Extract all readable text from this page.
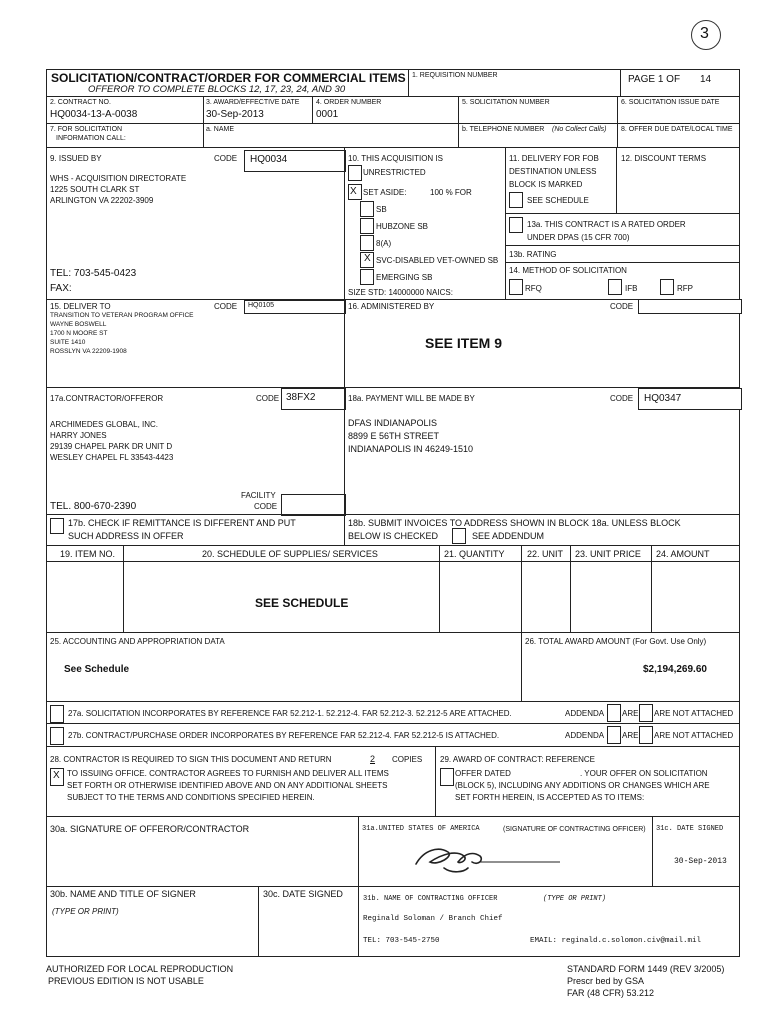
3
SOLICITATION/CONTRACT/ORDER FOR COMMERCIAL ITEMS
OFFEROR TO COMPLETE BLOCKS 12, 17, 23, 24, AND 30
1. REQUISITION NUMBER	PAGE 1 OF 14
2. CONTRACT NO.
HQ0034-13-A-0038
3. AWARD/EFFECTIVE DATE
30-Sep-2013
4. ORDER NUMBER
0001
5. SOLICITATION NUMBER	6. SOLICITATION ISSUE DATE
7. FOR SOLICITATION
INFORMATION CALL:
a. NAME	b. TELEPHONE NUMBER (No Collect Calls) 8. OFFER DUE DATE/LOCAL TIME
9. ISSUED BY	CODE HQ0034
WHS - ACQUISITION DIRECTORATE
1225 SOUTH CLARK ST
ARLINGTON VA 22202-3909
TEL: 703-545-0423
FAX:
10. THIS ACQUISITION IS
UNRESTRICTED
X SET ASIDE:	100 % FOR
SB
HUBZONE SB
8(A)
X SVC-DISABLED VET-OWNED SB
EMERGING SB
SIZE STD: 14000000 NAICS:
11. DELIVERY FOR FOB
DESTINATION UNLESS
BLOCK IS MARKED
SEE SCHEDULE
12. DISCOUNT TERMS
13a. THIS CONTRACT IS A RATED ORDER
UNDER DPAS (15 CFR 700)
13b. RATING
14. METHOD OF SOLICITATION
RFQ	IFB	RFP
15. DELIVER TO	CODE HQ0105
TRANSITION TO VETERAN PROGRAM OFFICE
WAYNE BOSWELL
1700 N MOORE ST
SUITE 1410
ROSSLYN VA 22209-1908
16. ADMINISTERED BY	CODE
SEE ITEM 9
17a.CONTRACTOR/OFFEROR	CODE 38FX2
ARCHIMEDES GLOBAL, INC.
HARRY JONES
29139 CHAPEL PARK DR UNIT D
WESLEY CHAPEL FL 33543-4423
TEL. 800-670-2390
FACILITY
CODE
18a. PAYMENT WILL BE MADE BY	CODE HQ0347
DFAS INDIANAPOLIS
8899 E 56TH STREET
INDIANAPOLIS IN 46249-1510
17b. CHECK IF REMITTANCE IS DIFFERENT AND PUT
SUCH ADDRESS IN OFFER
18b. SUBMIT INVOICES TO ADDRESS SHOWN IN BLOCK 18a. UNLESS BLOCK
BELOW IS CHECKED	SEE ADDENDUM
19. ITEM NO.	20. SCHEDULE OF SUPPLIES/ SERVICES	21. QUANTITY 22. UNIT 23. UNIT PRICE 24. AMOUNT
SEE SCHEDULE
25. ACCOUNTING AND APPROPRIATION DATA
See Schedule
26. TOTAL AWARD AMOUNT (For Govt. Use Only)
$2,194,269.60
27a. SOLICITATION INCORPORATES BY REFERENCE FAR 52.212-1. 52.212-4. FAR 52.212-3. 52.212-5 ARE ATTACHED.	ADDENDA ARE ARE NOT ATTACHED
27b. CONTRACT/PURCHASE ORDER INCORPORATES BY REFERENCE FAR 52.212-4. FAR 52.212-5 IS ATTACHED.	ADDENDA ARE ARE NOT ATTACHED
28. CONTRACTOR IS REQUIRED TO SIGN THIS DOCUMENT AND RETURN	2 COPIES
X TO ISSUING OFFICE. CONTRACTOR AGREES TO FURNISH AND DELIVER ALL ITEMS
SET FORTH OR OTHERWISE IDENTIFIED ABOVE AND ON ANY ADDITIONAL SHEETS
SUBJECT TO THE TERMS AND CONDITIONS SPECIFIED HEREIN.
29. AWARD OF CONTRACT: REFERENCE
OFFER DATED	. YOUR OFFER ON SOLICITATION
(BLOCK 5), INCLUDING ANY ADDITIONS OR CHANGES WHICH ARE
SET FORTH HEREIN, IS ACCEPTED AS TO ITEMS:
30a. SIGNATURE OF OFFEROR/CONTRACTOR	31a.UNITED STATES OF AMERICA	(SIGNATURE OF CONTRACTING OFFICER) 31c. DATE SIGNED
30-Sep-2013
30b. NAME AND TITLE OF SIGNER
(TYPE OR PRINT)
30c. DATE SIGNED	31b. NAME OF CONTRACTING OFFICER	(TYPE OR PRINT)
Reginald Soloman / Branch Chief
TEL: 703-545-2750	EMAIL: reginald.c.solomon.civ@mail.mil
AUTHORIZED FOR LOCAL REPRODUCTION
PREVIOUS EDITION IS NOT USABLE
STANDARD FORM 1449 (REV 3/2005)
Prescr bed by GSA
FAR (48 CFR) 53.212
